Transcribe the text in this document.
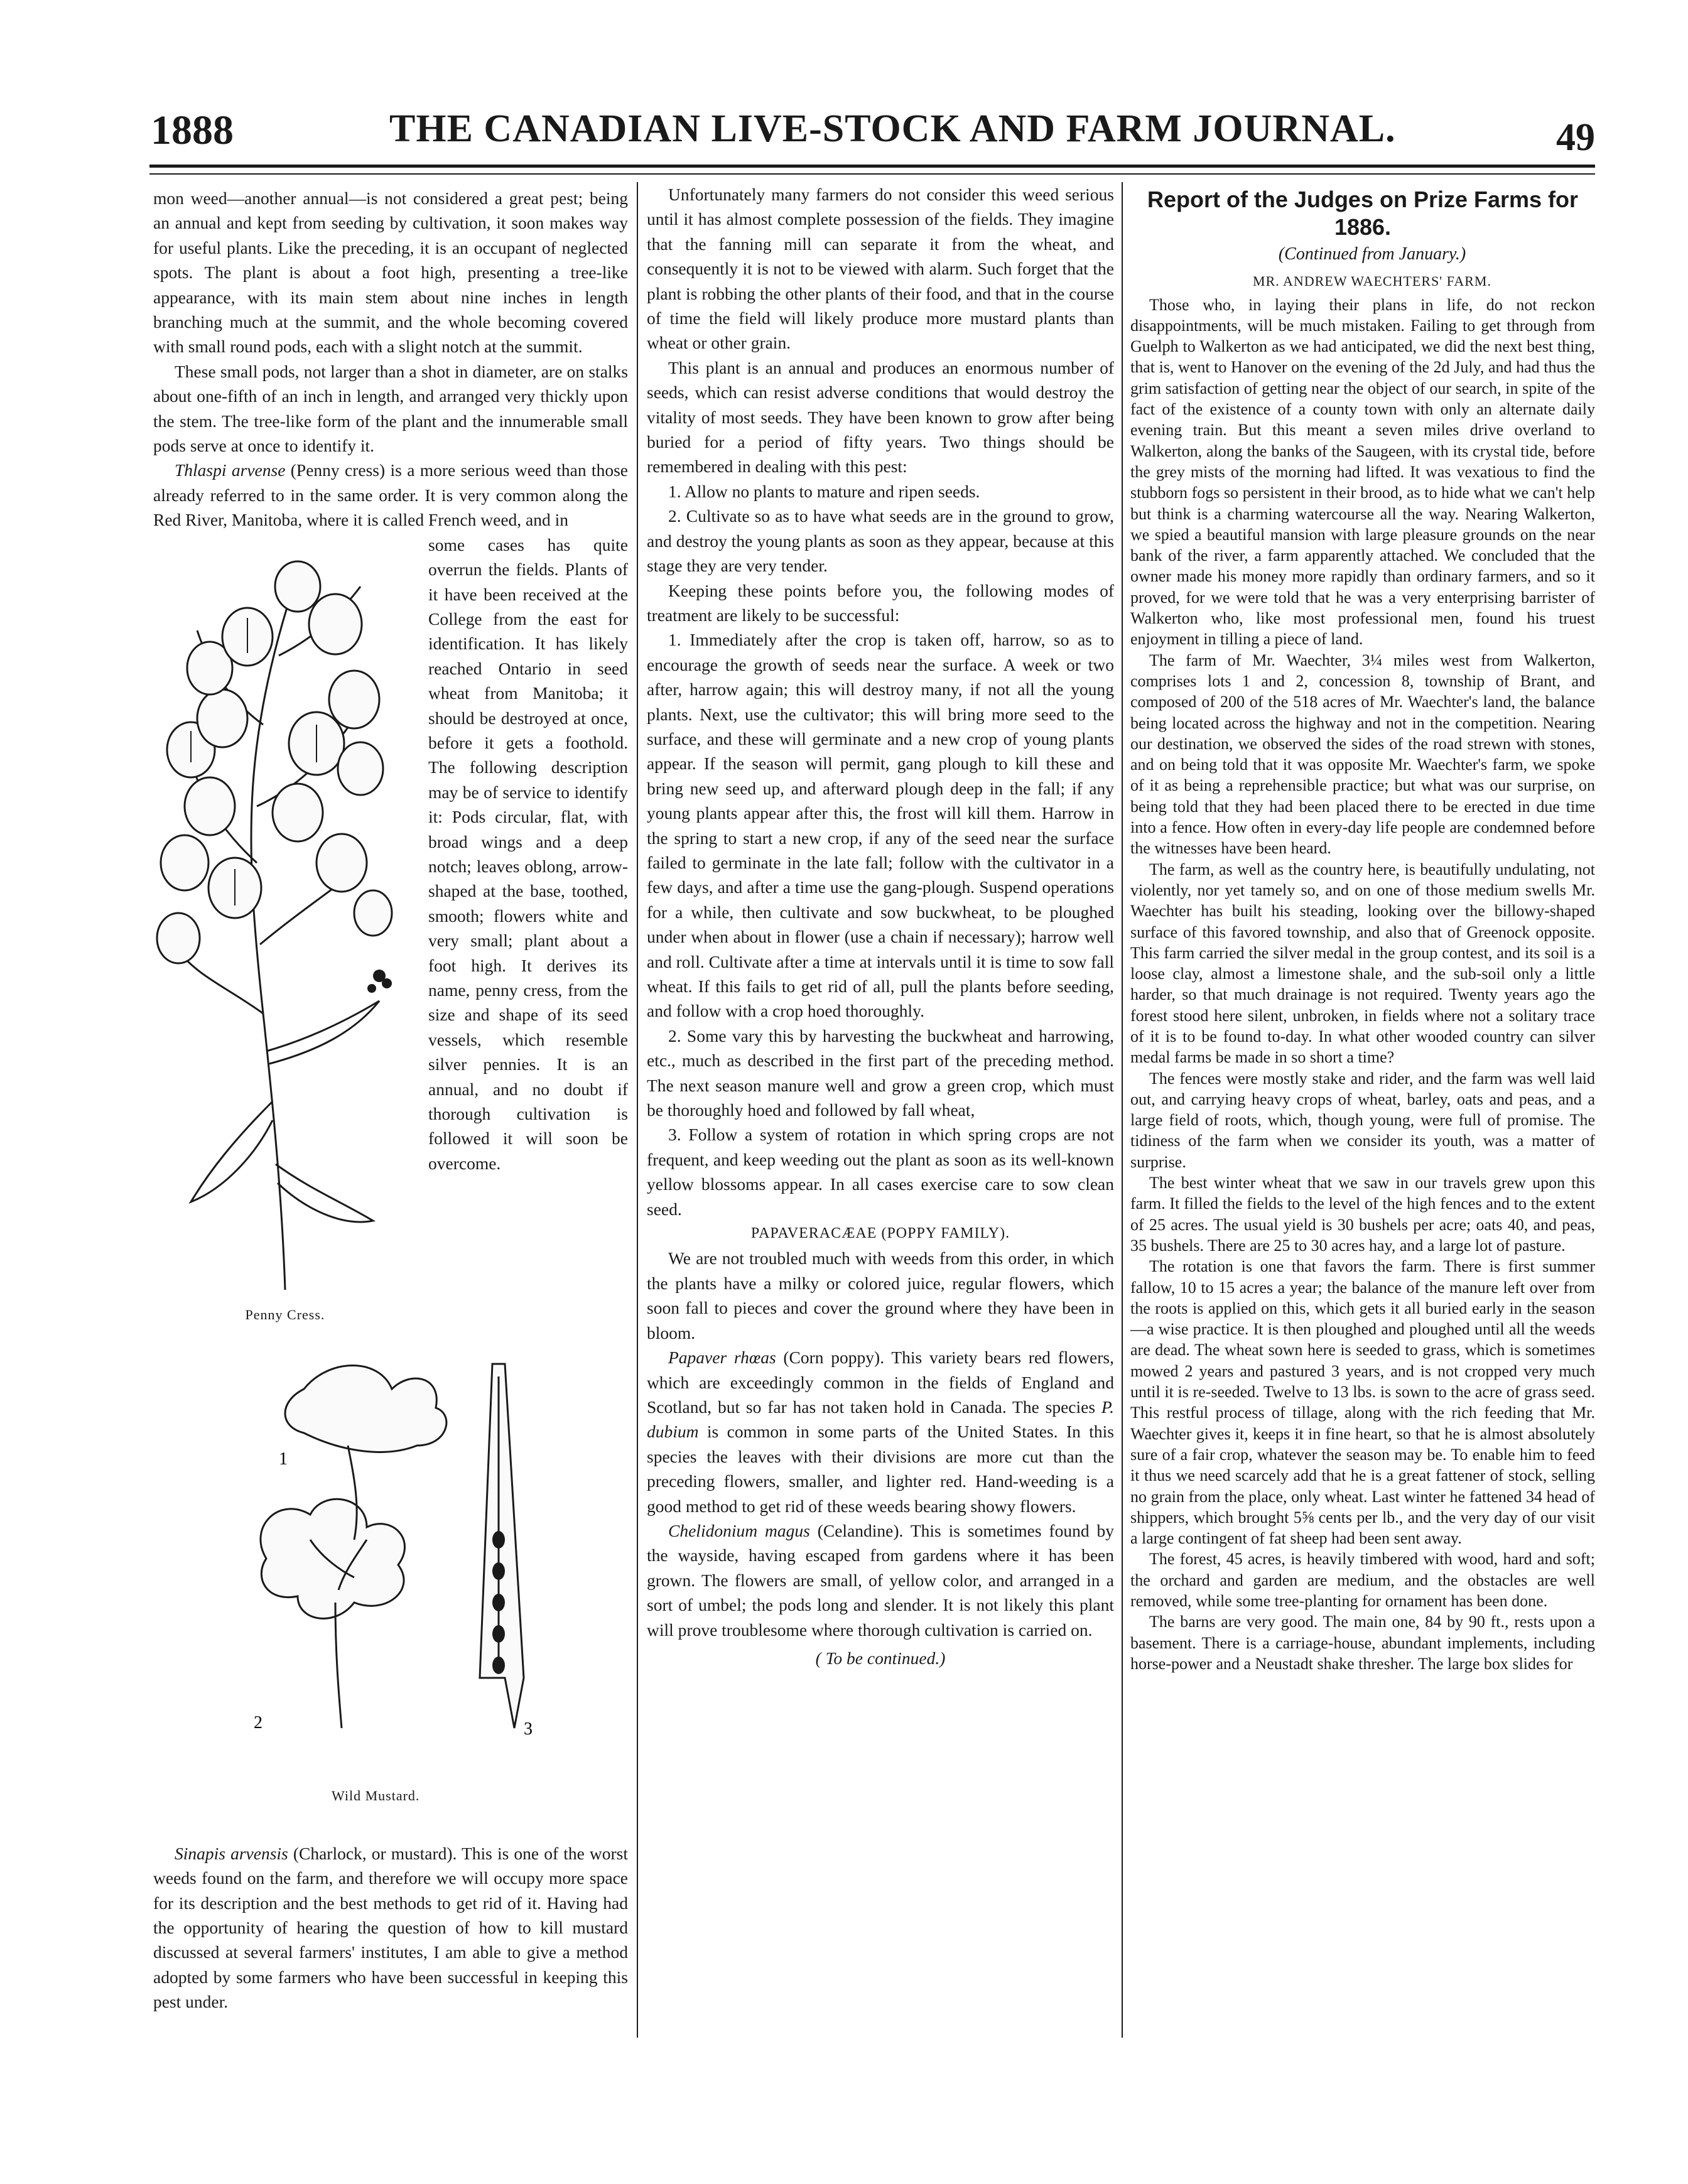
1888	THE CANADIAN LIVE-STOCK AND FARM JOURNAL.	49

mon weed—another annual—is not considered a great pest; being an annual and kept from seeding by cultivation, it soon makes way for useful plants. Like the preceding, it is an occupant of neglected spots. The plant is about a foot high, presenting a tree-like appearance, with its main stem about nine inches in length branching much at the summit, and the whole becoming covered with small round pods, each with a slight notch at the summit.

These small pods, not larger than a shot in diameter, are on stalks about one-fifth of an inch in length, and arranged very thickly upon the stem. The tree-like form of the plant and the innumerable small pods serve at once to identify it.

Thlaspi arvense (Penny cress) is a more serious weed than those already referred to in the same order. It is very common along the Red River, Manitoba, where it is called French weed, and in

Penny Cress.

some cases has quite overrun the fields. Plants of it have been received at the College from the east for identification. It has likely reached Ontario in seed wheat from Manitoba; it should be destroyed at once, before it gets a foothold. The following description may be of service to identify it: Pods circular, flat, with broad wings and a deep notch; leaves oblong, arrow-shaped at the base, toothed, smooth; flowers white and very small; plant about a foot high. It derives its name, penny cress, from the size and shape of its seed vessels, which resemble silver pennies. It is an annual, and no doubt if thorough cultivation is followed it will soon be overcome.

1
2	3

Wild Mustard.

Sinapis arvensis (Charlock, or mustard). This is one of the worst weeds found on the farm, and therefore we will occupy more space for its description and the best methods to get rid of it. Having had the opportunity of hearing the question of how to kill mustard discussed at several farmers' institutes, I am able to give a method adopted by some farmers who have been successful in keeping this pest under.

Unfortunately many farmers do not consider this weed serious until it has almost complete possession of the fields. They imagine that the fanning mill can separate it from the wheat, and consequently it is not to be viewed with alarm. Such forget that the plant is robbing the other plants of their food, and that in the course of time the field will likely produce more mustard plants than wheat or other grain.

This plant is an annual and produces an enormous number of seeds, which can resist adverse conditions that would destroy the vitality of most seeds. They have been known to grow after being buried for a period of fifty years. Two things should be remembered in dealing with this pest:

1. Allow no plants to mature and ripen seeds.

2. Cultivate so as to have what seeds are in the ground to grow, and destroy the young plants as soon as they appear, because at this stage they are very tender.

Keeping these points before you, the following modes of treatment are likely to be successful:

1. Immediately after the crop is taken off, harrow, so as to encourage the growth of seeds near the surface. A week or two after, harrow again; this will destroy many, if not all the young plants. Next, use the cultivator; this will bring more seed to the surface, and these will germinate and a new crop of young plants appear. If the season will permit, gang plough to kill these and bring new seed up, and afterward plough deep in the fall; if any young plants appear after this, the frost will kill them. Harrow in the spring to start a new crop, if any of the seed near the surface failed to germinate in the late fall; follow with the cultivator in a few days, and after a time use the gang-plough. Suspend operations for a while, then cultivate and sow buckwheat, to be ploughed under when about in flower (use a chain if necessary); harrow well and roll. Cultivate after a time at intervals until it is time to sow fall wheat. If this fails to get rid of all, pull the plants before seeding, and follow with a crop hoed thoroughly.

2. Some vary this by harvesting the buckwheat and harrowing, etc., much as described in the first part of the preceding method. The next season manure well and grow a green crop, which must be thoroughly hoed and followed by fall wheat,

3. Follow a system of rotation in which spring crops are not frequent, and keep weeding out the plant as soon as its well-known yellow blossoms appear. In all cases exercise care to sow clean seed.

PAPAVERACÆAE (POPPY FAMILY).

We are not troubled much with weeds from this order, in which the plants have a milky or colored juice, regular flowers, which soon fall to pieces and cover the ground where they have been in bloom.

Papaver rhœas (Corn poppy). This variety bears red flowers, which are exceedingly common in the fields of England and Scotland, but so far has not taken hold in Canada. The species P. dubium is common in some parts of the United States. In this species the leaves with their divisions are more cut than the preceding flowers, smaller, and lighter red. Hand-weeding is a good method to get rid of these weeds bearing showy flowers.

Chelidonium magus (Celandine). This is sometimes found by the wayside, having escaped from gardens where it has been grown. The flowers are small, of yellow color, and arranged in a sort of umbel; the pods long and slender. It is not likely this plant will prove troublesome where thorough cultivation is carried on.

( To be continued.)

Report of the Judges on Prize Farms for 1886.

(Continued from January.)

MR. ANDREW WAECHTERS' FARM.

Those who, in laying their plans in life, do not reckon disappointments, will be much mistaken. Failing to get through from Guelph to Walkerton as we had anticipated, we did the next best thing, that is, went to Hanover on the evening of the 2d July, and had thus the grim satisfaction of getting near the object of our search, in spite of the fact of the existence of a county town with only an alternate daily evening train. But this meant a seven miles drive overland to Walkerton, along the banks of the Saugeen, with its crystal tide, before the grey mists of the morning had lifted. It was vexatious to find the stubborn fogs so persistent in their brood, as to hide what we can't help but think is a charming watercourse all the way. Nearing Walkerton, we spied a beautiful mansion with large pleasure grounds on the near bank of the river, a farm apparently attached. We concluded that the owner made his money more rapidly than ordinary farmers, and so it proved, for we were told that he was a very enterprising barrister of Walkerton who, like most professional men, found his truest enjoyment in tilling a piece of land.

The farm of Mr. Waechter, 3¼ miles west from Walkerton, comprises lots 1 and 2, concession 8, township of Brant, and composed of 200 of the 518 acres of Mr. Waechter's land, the balance being located across the highway and not in the competition. Nearing our destination, we observed the sides of the road strewn with stones, and on being told that it was opposite Mr. Waechter's farm, we spoke of it as being a reprehensible practice; but what was our surprise, on being told that they had been placed there to be erected in due time into a fence. How often in every-day life people are condemned before the witnesses have been heard.

The farm, as well as the country here, is beautifully undulating, not violently, nor yet tamely so, and on one of those medium swells Mr. Waechter has built his steading, looking over the billowy-shaped surface of this favored township, and also that of Greenock opposite. This farm carried the silver medal in the group contest, and its soil is a loose clay, almost a limestone shale, and the sub-soil only a little harder, so that much drainage is not required. Twenty years ago the forest stood here silent, unbroken, in fields where not a solitary trace of it is to be found to-day. In what other wooded country can silver medal farms be made in so short a time?

The fences were mostly stake and rider, and the farm was well laid out, and carrying heavy crops of wheat, barley, oats and peas, and a large field of roots, which, though young, were full of promise. The tidiness of the farm when we consider its youth, was a matter of surprise.

The best winter wheat that we saw in our travels grew upon this farm. It filled the fields to the level of the high fences and to the extent of 25 acres. The usual yield is 30 bushels per acre; oats 40, and peas, 35 bushels. There are 25 to 30 acres hay, and a large lot of pasture.

The rotation is one that favors the farm. There is first summer fallow, 10 to 15 acres a year; the balance of the manure left over from the roots is applied on this, which gets it all buried early in the season—a wise practice. It is then ploughed and ploughed until all the weeds are dead. The wheat sown here is seeded to grass, which is sometimes mowed 2 years and pastured 3 years, and is not cropped very much until it is re-seeded. Twelve to 13 lbs. is sown to the acre of grass seed. This restful process of tillage, along with the rich feeding that Mr. Waechter gives it, keeps it in fine heart, so that he is almost absolutely sure of a fair crop, whatever the season may be. To enable him to feed it thus we need scarcely add that he is a great fattener of stock, selling no grain from the place, only wheat. Last winter he fattened 34 head of shippers, which brought 5⅝ cents per lb., and the very day of our visit a large contingent of fat sheep had been sent away.

The forest, 45 acres, is heavily timbered with wood, hard and soft; the orchard and garden are medium, and the obstacles are well removed, while some tree-planting for ornament has been done.

The barns are very good. The main one, 84 by 90 ft., rests upon a basement. There is a carriage-house, abundant implements, including horse-power and a Neustadt shake thresher. The large box slides for
